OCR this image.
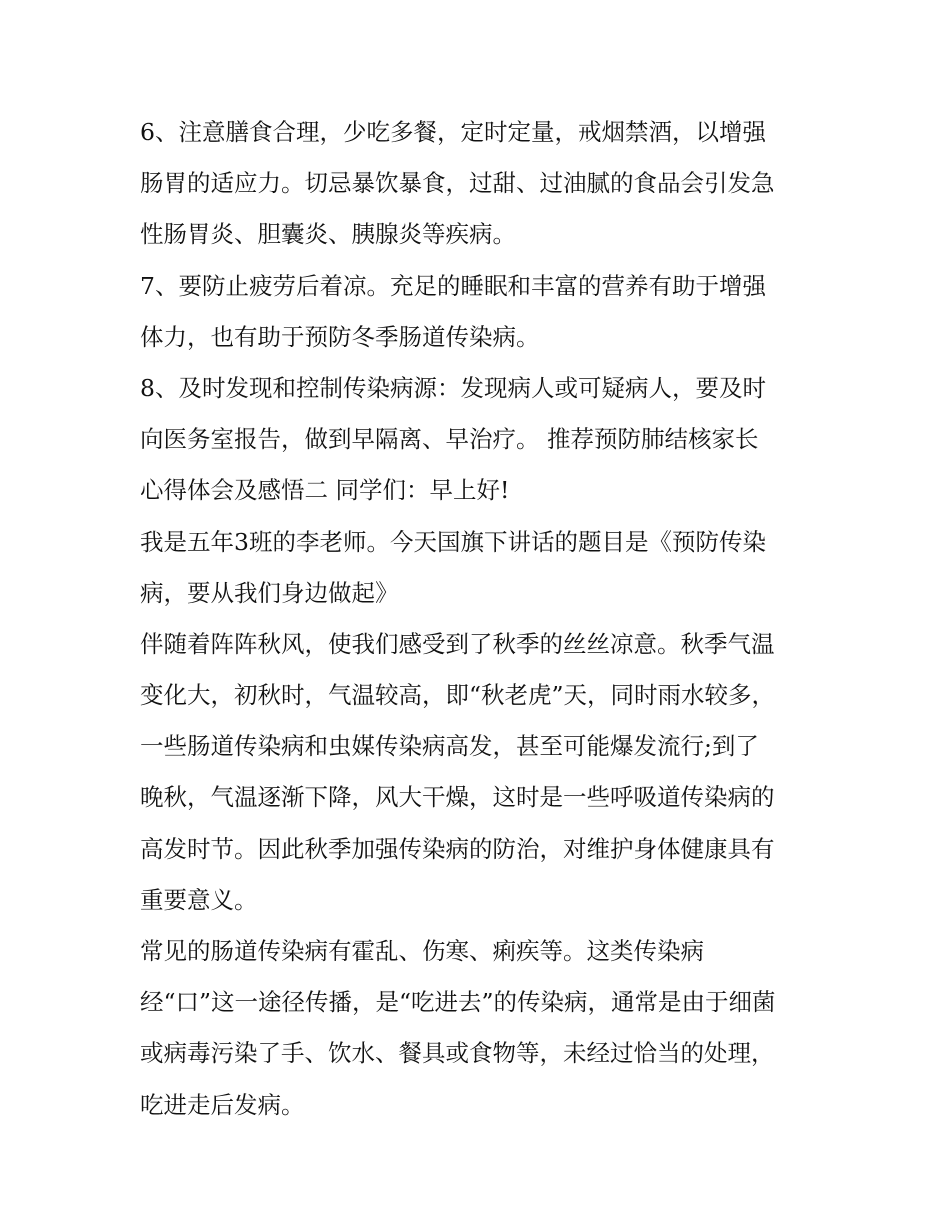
6、注意膳食合理，少吃多餐，定时定量，戒烟禁酒，以增强
肠胃的适应力。切忌暴饮暴食，过甜、过油腻的食品会引发急
性肠胃炎、胆囊炎、胰腺炎等疾病。
7、要防止疲劳后着凉。充足的睡眠和丰富的营养有助于增强
体力，也有助于预防冬季肠道传染病。
8、及时发现和控制传染病源：发现病人或可疑病人，要及时
向医务室报告，做到早隔离、早治疗。 推荐预防肺结核家长
心得体会及感悟二 同学们：早上好!
我是五年3班的李老师。今天国旗下讲话的题目是《预防传染
病，要从我们身边做起》
伴随着阵阵秋风，使我们感受到了秋季的丝丝凉意。秋季气温
变化大，初秋时，气温较高，即“秋老虎”天，同时雨水较多，
一些肠道传染病和虫媒传染病高发，甚至可能爆发流行;到了
晚秋，气温逐渐下降，风大干燥，这时是一些呼吸道传染病的
高发时节。因此秋季加强传染病的防治，对维护身体健康具有
重要意义。
常见的肠道传染病有霍乱、伤寒、痢疾等。这类传染病
经“口”这一途径传播，是“吃进去”的传染病，通常是由于细菌
或病毒污染了手、饮水、餐具或食物等，未经过恰当的处理，
吃进走后发病。
